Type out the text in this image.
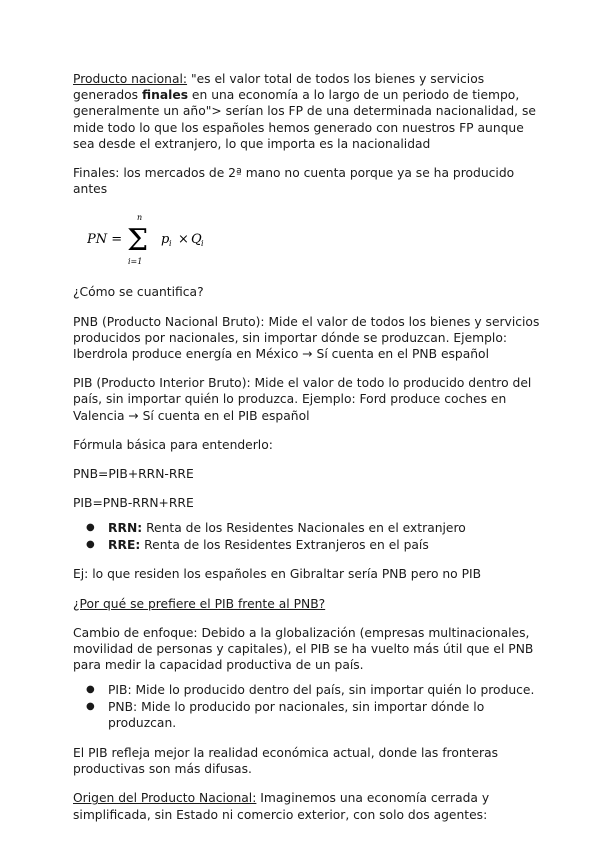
Producto nacional: "es el valor total de todos los bienes y servicios generados finales en una economía a lo largo de un periodo de tiempo, generalmente un año"> serían los FP de una determinada nacionalidad, se mide todo lo que los españoles hemos generado con nuestros FP aunque sea desde el extranjero, lo que importa es la nacionalidad

Finales: los mercados de 2ª mano no cuenta porque ya se ha producido antes

PN =
n
Σ
i=1
p i × Q i

¿Cómo se cuantifica?

PNB (Producto Nacional Bruto): Mide el valor de todos los bienes y servicios producidos por nacionales, sin importar dónde se produzcan. Ejemplo: Iberdrola produce energía en México → Sí cuenta en el PNB español

PIB (Producto Interior Bruto): Mide el valor de todo lo producido dentro del país, sin importar quién lo produzca. Ejemplo: Ford produce coches en Valencia → Sí cuenta en el PIB español

Fórmula básica para entenderlo:

PNB=PIB+RRN-RRE

PIB=PNB-RRN+RRE

● RRN: Renta de los Residentes Nacionales en el extranjero
● RRE: Renta de los Residentes Extranjeros en el país

Ej: lo que residen los españoles en Gibraltar sería PNB pero no PIB

¿Por qué se prefiere el PIB frente al PNB?

Cambio de enfoque: Debido a la globalización (empresas multinacionales, movilidad de personas y capitales), el PIB se ha vuelto más útil que el PNB para medir la capacidad productiva de un país.

● PIB: Mide lo producido dentro del país, sin importar quién lo produce.
● PNB: Mide lo producido por nacionales, sin importar dónde lo produzcan.

El PIB refleja mejor la realidad económica actual, donde las fronteras productivas son más difusas.

Origen del Producto Nacional: Imaginemos una economía cerrada y simplificada, sin Estado ni comercio exterior, con solo dos agentes:
